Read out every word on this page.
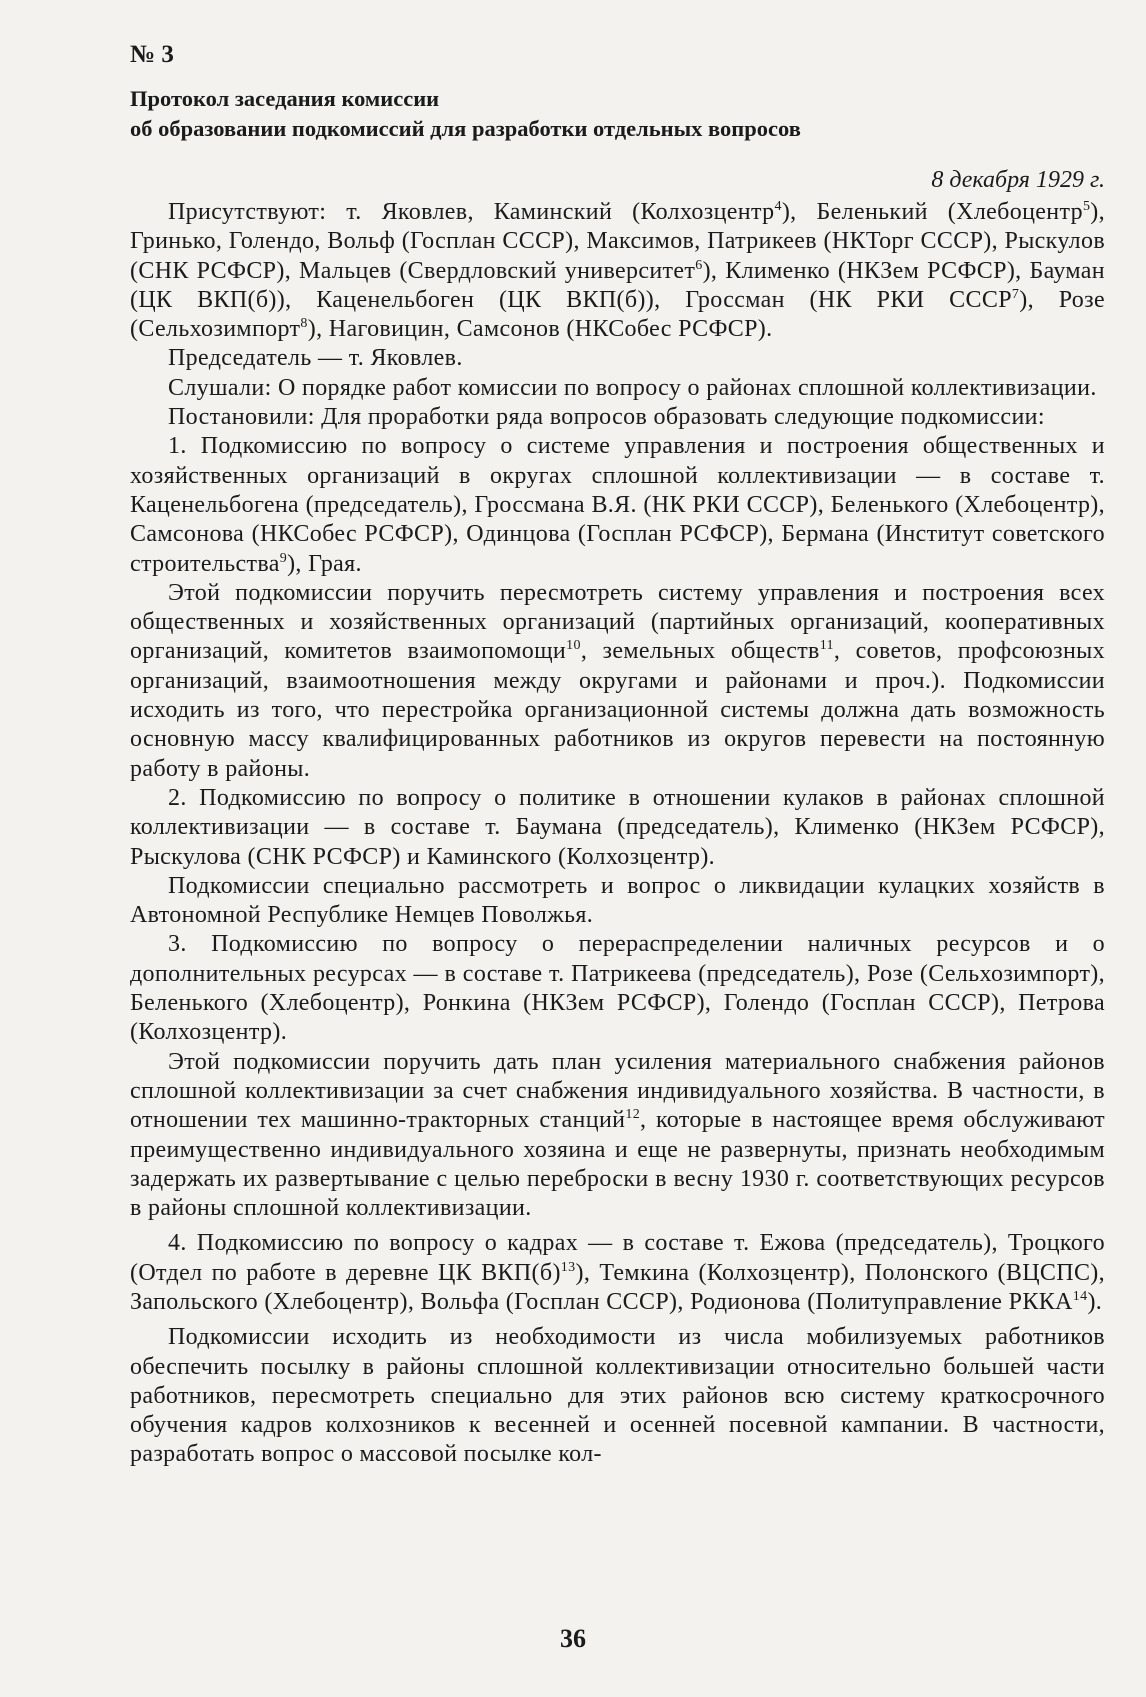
№ 3
Протокол заседания комиссии
об образовании подкомиссий для разработки отдельных вопросов
8 декабря 1929 г.

Присутствуют: т. Яковлев, Каминский (Колхозцентр$^4$), Беленький (Хлебоцентр$^5$), Гринько, Голендо, Вольф (Госплан СССР), Максимов, Патрикеев (НКТорг СССР), Рыскулов (СНК РСФСР), Мальцев (Свердловский университет$^6$), Клименко (НКЗем РСФСР), Бауман (ЦК ВКП(б)), Каценельбоген (ЦК ВКП(б)), Гроссман (НК РКИ СССР$^7$), Розе (Сельхозимпорт$^8$), Наговицин, Самсонов (НКСобес РСФСР).

Председатель — т. Яковлев.

Слушали: О порядке работ комиссии по вопросу о районах сплошной коллективизации.

Постановили: Для проработки ряда вопросов образовать следующие подкомиссии:

1. Подкомиссию по вопросу о системе управления и построения общественных и хозяйственных организаций в округах сплошной коллективизации — в составе т. Каценельбогена (председатель), Гроссмана В.Я. (НК РКИ СССР), Беленького (Хлебоцентр), Самсонова (НКСобес РСФСР), Одинцова (Госплан РСФСР), Бермана (Институт советского строительства$^9$), Грая.

Этой подкомиссии поручить пересмотреть систему управления и построения всех общественных и хозяйственных организаций (партийных организаций, кооперативных организаций, комитетов взаимопомощи$^{10}$, земельных обществ$^{11}$, советов, профсоюзных организаций, взаимоотношения между округами и районами и проч.). Подкомиссии исходить из того, что перестройка организационной системы должна дать возможность основную массу квалифицированных работников из округов перевести на постоянную работу в районы.

2. Подкомиссию по вопросу о политике в отношении кулаков в районах сплошной коллективизации — в составе т. Баумана (председатель), Клименко (НКЗем РСФСР), Рыскулова (СНК РСФСР) и Каминского (Колхозцентр).

Подкомиссии специально рассмотреть и вопрос о ликвидации кулацких хозяйств в Автономной Республике Немцев Поволжья.

3. Подкомиссию по вопросу о перераспределении наличных ресурсов и о дополнительных ресурсах — в составе т. Патрикеева (председатель), Розе (Сельхозимпорт), Беленького (Хлебоцентр), Ронкина (НКЗем РСФСР), Голендо (Госплан СССР), Петрова (Колхозцентр).

Этой подкомиссии поручить дать план усиления материального снабжения районов сплошной коллективизации за счет снабжения индивидуального хозяйства. В частности, в отношении тех машинно-тракторных станций$^{12}$, которые в настоящее время обслуживают преимущественно индивидуального хозяина и еще не развернуты, признать необходимым задержать их развертывание с целью переброски в весну 1930 г. соответствующих ресурсов в районы сплошной коллективизации.

4. Подкомиссию по вопросу о кадрах — в составе т. Ежова (председатель), Троцкого (Отдел по работе в деревне ЦК $ВКП(б)^{13}$), Темкина (Колхозцентр), Полонского (ВЦСПС), Запольского (Хлебоцентр), Вольфа (Госплан СССР), Родионова (Политуправление РККА$^{14}$).

Подкомиссии исходить из необходимости из числа мобилизуемых работников обеспечить посылку в районы сплошной коллективизации относительно большей части работников, пересмотреть специально для этих районов всю систему краткосрочного обучения кадров колхозников к весенней и осенней посевной кампании. В частности, разработать вопрос о массовой посылке кол-

36
